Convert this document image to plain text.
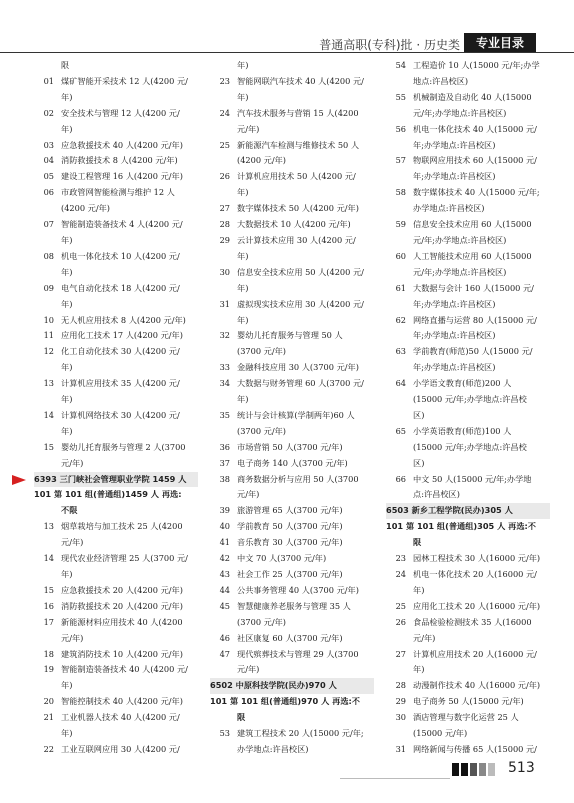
普通高职(专科)批 · 历史类	专业目录
限
01 煤矿智能开采技术 12 人(4200 元/
年)
02 安全技术与管理 12 人(4200 元/
年)
03 应急救援技术 40 人(4200 元/年)
04 消防救援技术 8 人(4200 元/年)
05 建设工程管理 16 人(4200 元/年)
06 市政管网智能检测与维护 12 人
(4200 元/年)
07 智能制造装备技术 4 人(4200 元/
年)
08 机电一体化技术 10 人(4200 元/
年)
09 电气自动化技术 18 人(4200 元/
年)
10 无人机应用技术 8 人(4200 元/年)
11 应用化工技术 17 人(4200 元/年)
12 化工自动化技术 30 人(4200 元/
年)
13 计算机应用技术 35 人(4200 元/
年)
14 计算机网络技术 30 人(4200 元/
年)
15 婴幼儿托育服务与管理 2 人(3700
元/年)
6393 三门峡社会管理职业学院 1459 人
101 第 101 组(普通组)1459 人 再选:
不限
13 烟草栽培与加工技术 25 人(4200
元/年)
14 现代农业经济管理 25 人(3700 元/
年)
15 应急救援技术 20 人(4200 元/年)
16 消防救援技术 20 人(4200 元/年)
17 新能源材料应用技术 40 人(4200
元/年)
18 建筑消防技术 10 人(4200 元/年)
19 智能制造装备技术 40 人(4200 元/
年)
20 智能控制技术 40 人(4200 元/年)
21 工业机器人技术 40 人(4200 元/
年)
22 工业互联网应用 30 人(4200 元/
年)
23 智能网联汽车技术 40 人(4200 元/
年)
24 汽车技术服务与营销 15 人(4200
元/年)
25 新能源汽车检测与维修技术 50 人
(4200 元/年)
26 计算机应用技术 50 人(4200 元/
年)
27 数字媒体技术 50 人(4200 元/年)
28 大数据技术 10 人(4200 元/年)
29 云计算技术应用 30 人(4200 元/
年)
30 信息安全技术应用 50 人(4200 元/
年)
31 虚拟现实技术应用 30 人(4200 元/
年)
32 婴幼儿托育服务与管理 50 人
(3700 元/年)
33 金融科技应用 30 人(3700 元/年)
34 大数据与财务管理 60 人(3700 元/
年)
35 统计与会计核算(学制两年)60 人
(3700 元/年)
36 市场营销 50 人(3700 元/年)
37 电子商务 140 人(3700 元/年)
38 商务数据分析与应用 50 人(3700
元/年)
39 旅游管理 65 人(3700 元/年)
40 学前教育 50 人(3700 元/年)
41 音乐教育 30 人(3700 元/年)
42 中文 70 人(3700 元/年)
43 社会工作 25 人(3700 元/年)
44 公共事务管理 40 人(3700 元/年)
45 智慧健康养老服务与管理 35 人
(3700 元/年)
46 社区康复 60 人(3700 元/年)
47 现代殡葬技术与管理 29 人(3700
元/年)
6502 中原科技学院(民办)970 人
101 第 101 组(普通组)970 人 再选:不
限
53 建筑工程技术 20 人(15000 元/年;
办学地点:许昌校区)
54 工程造价 10 人(15000 元/年;办学
地点:许昌校区)
55 机械制造及自动化 40 人(15000
元/年;办学地点:许昌校区)
56 机电一体化技术 40 人(15000 元/
年;办学地点:许昌校区)
57 物联网应用技术 60 人(15000 元/
年;办学地点:许昌校区)
58 数字媒体技术 40 人(15000 元/年;
办学地点:许昌校区)
59 信息安全技术应用 60 人(15000
元/年;办学地点:许昌校区)
60 人工智能技术应用 60 人(15000
元/年;办学地点:许昌校区)
61 大数据与会计 160 人(15000 元/
年;办学地点:许昌校区)
62 网络直播与运营 80 人(15000 元/
年;办学地点:许昌校区)
63 学前教育(师范)50 人(15000 元/
年;办学地点:许昌校区)
64 小学语文教育(师范)200 人
(15000 元/年;办学地点:许昌校
区)
65 小学英语教育(师范)100 人
(15000 元/年;办学地点:许昌校
区)
66 中文 50 人(15000 元/年;办学地
点:许昌校区)
6503 新乡工程学院(民办)305 人
101 第 101 组(普通组)305 人 再选:不
限
23 园林工程技术 30 人(16000 元/年)
24 机电一体化技术 20 人(16000 元/
年)
25 应用化工技术 20 人(16000 元/年)
26 食品检验检测技术 35 人(16000
元/年)
27 计算机应用技术 20 人(16000 元/
年)
28 动漫制作技术 40 人(16000 元/年)
29 电子商务 50 人(15000 元/年)
30 酒店管理与数字化运营 25 人
(15000 元/年)
31 网络新闻与传播 65 人(15000 元/
513
